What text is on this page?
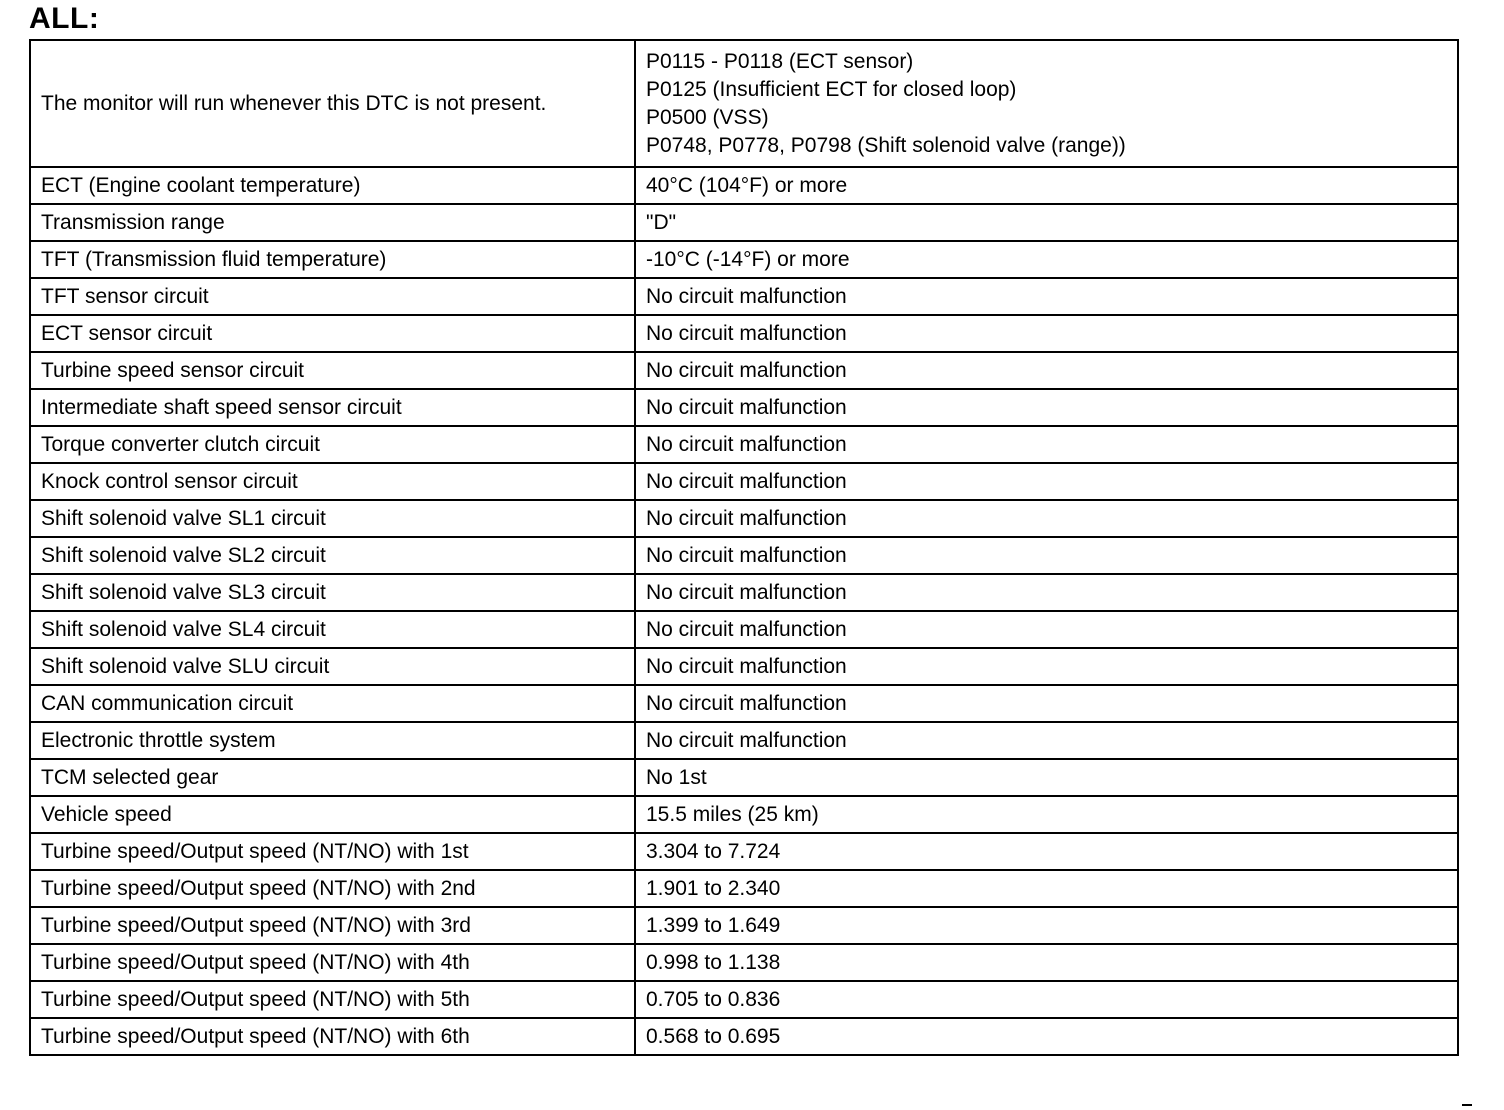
ALL:
The monitor will run whenever this DTC is not present.	P0115 - P0118 (ECT sensor)
P0125 (Insufficient ECT for closed loop)
P0500 (VSS)
P0748, P0778, P0798 (Shift solenoid valve (range))

ECT (Engine coolant temperature)	40°C (104°F) or more
Transmission range	"D"
TFT (Transmission fluid temperature)	-10°C (-14°F) or more
TFT sensor circuit	No circuit malfunction
ECT sensor circuit	No circuit malfunction
Turbine speed sensor circuit	No circuit malfunction
Intermediate shaft speed sensor circuit	No circuit malfunction
Torque converter clutch circuit	No circuit malfunction
Knock control sensor circuit	No circuit malfunction
Shift solenoid valve SL1 circuit	No circuit malfunction
Shift solenoid valve SL2 circuit	No circuit malfunction
Shift solenoid valve SL3 circuit	No circuit malfunction
Shift solenoid valve SL4 circuit	No circuit malfunction
Shift solenoid valve SLU circuit	No circuit malfunction
CAN communication circuit	No circuit malfunction
Electronic throttle system	No circuit malfunction
TCM selected gear	No 1st
Vehicle speed	15.5 miles (25 km)
Turbine speed/Output speed (NT/NO) with 1st	3.304 to 7.724
Turbine speed/Output speed (NT/NO) with 2nd	1.901 to 2.340
Turbine speed/Output speed (NT/NO) with 3rd	1.399 to 1.649
Turbine speed/Output speed (NT/NO) with 4th	0.998 to 1.138
Turbine speed/Output speed (NT/NO) with 5th	0.705 to 0.836
Turbine speed/Output speed (NT/NO) with 6th	0.568 to 0.695
